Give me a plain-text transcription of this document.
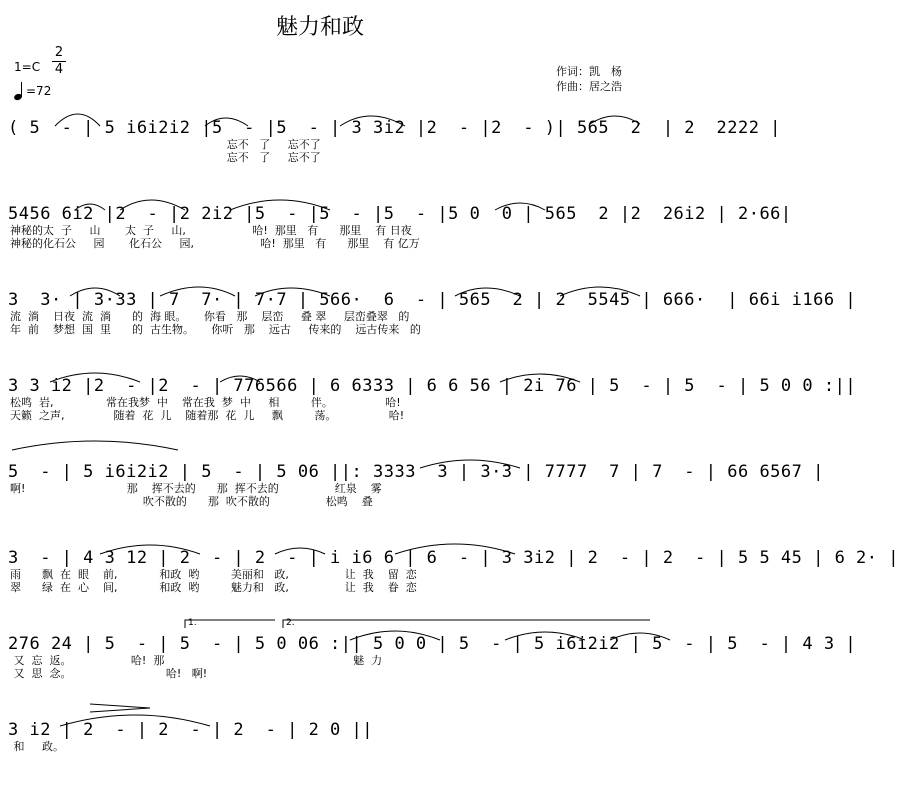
魅力和政
作词：凯　杨
作曲：居之浩
1=C
2
4
=72
( 5  - | 5 i6i2i2 |5  - |5  - | 3 3i2 |2  - |2  - )| 565  2  | 2  2222 |
忘不   了     忘不了
忘不   了     忘不了
5456 6i2 |2  - |2 2i2 |5  - |5  - |5  - |5 0  0 | 565  2 |2  26i2 | 2·66|
神秘的太  子     山       太  子     山,                   哈!  那里   有      那里    有 日夜
神秘的化石公     园       化石公     园,                   哈!  那里   有      那里    有 亿万
3  3· | 3·33 | 7  7· | 7·7 | 566·  6  - | 565  2 | 2  5545 | 666·  | 66i i166 |
流  淌    日夜  流  淌      的  海 眼。     你看   那    层峦     叠 翠     层峦叠翠   的
年  前    梦想  国  里      的  古生物。     你听   那    远古     传来的    远古传来   的
3 3 i2 |2  - |2  - | 776566 | 6 6333 | 6 6 56 | 2i 76 | 5  - | 5  - | 5 0 0 :||
松鸣  岩,               常在我梦  中    常在我  梦  中     相         伴。               哈!
天籁  之声,              随着  花  儿    随着那  花  儿     飘         荡。               哈!
5  - | 5 i6i2i2 | 5  - | 5 06 ||: 3333  3 | 3·3 | 7777  7 | 7  - | 66 6567 |
啊!                             那    挥不去的      那  挥不去的                红泉    雾
吹不散的      那  吹不散的                松鸣    叠
3  - | 4 3 12 | 2  - | 2  - | i i6 6 | 6  - | 3 3i2 | 2  - | 2  - | 5 5 45 | 6 2· |
雨      飘  在  眼    前,            和政  哟         美丽和   政,                让  我    留  恋
翠      绿  在  心    间,            和政  哟         魅力和   政,                让  我    眷  恋
1.	2.
276 24 | 5  - | 5  - | 5 0 06 :|| 5 0 0 | 5  - | 5 i6i2i2 | 5  - | 5  - | 4 3 |
又  忘  返。                 哈!  那                                                      魅  力
又  思  念。                           哈!   啊!
3 i2 | 2  - | 2  - | 2  - | 2 0 ||
和     政。
